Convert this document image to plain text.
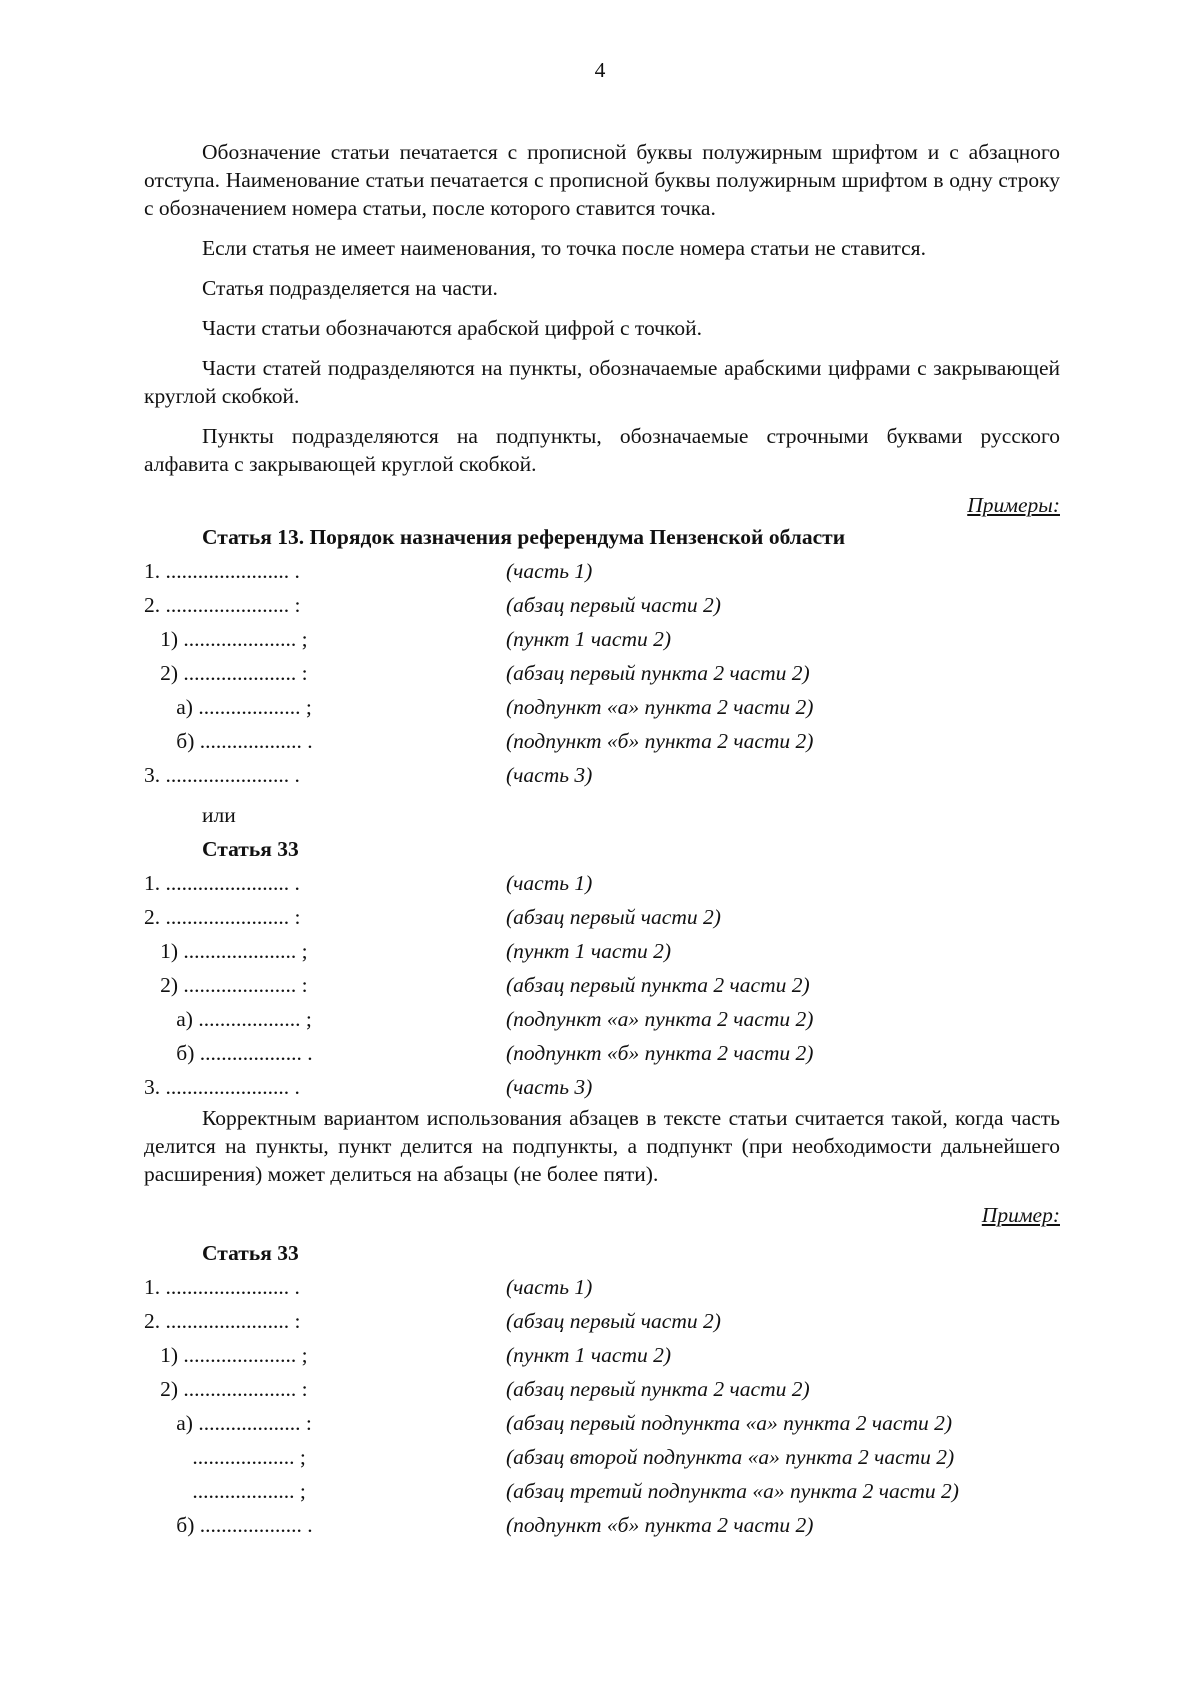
4

Обозначение статьи печатается с прописной буквы полужирным шрифтом и с абзацного отступа. Наименование статьи печатается с прописной буквы полужирным шрифтом в одну строку с обозначением номера статьи, после которого ставится точка.

Если статья не имеет наименования, то точка после номера статьи не ставится.

Статья подразделяется на части.

Части статьи обозначаются арабской цифрой с точкой.

Части статей подразделяются на пункты, обозначаемые арабскими цифрами с закрывающей круглой скобкой.

Пункты подразделяются на подпункты, обозначаемые строчными буквами русского алфавита с закрывающей круглой скобкой.

Примеры:
Статья 13. Порядок назначения референдума Пензенской области
1. ....................... .	(часть 1)
2. ....................... :	(абзац первый части 2)
1) ..................... ;	(пункт 1 части 2)
2) ..................... :	(абзац первый пункта 2 части 2)
а) ................... ;	(подпункт «а» пункта 2 части 2)
б) ................... .	(подпункт «б» пункта 2 части 2)
3. ....................... .	(часть 3)
или
Статья 33
1. ....................... .	(часть 1)
2. ....................... :	(абзац первый части 2)
1) ..................... ;	(пункт 1 части 2)
2) ..................... :	(абзац первый пункта 2 части 2)
а) ................... ;	(подпункт «а» пункта 2 части 2)
б) ................... .	(подпункт «б» пункта 2 части 2)
3. ....................... .	(часть 3)

Корректным вариантом использования абзацев в тексте статьи считается такой, когда часть делится на пункты, пункт делится на подпункты, а подпункт (при необходимости дальнейшего расширения) может делиться на абзацы (не более пяти).

Пример:
Статья 33
1. ....................... .	(часть 1)
2. ....................... :	(абзац первый части 2)
1) ..................... ;	(пункт 1 части 2)
2) ..................... :	(абзац первый пункта 2 части 2)
а) ................... :	(абзац первый подпункта «а» пункта 2 части 2)
................... ;	(абзац второй подпункта «а» пункта 2 части 2)
................... ;	(абзац третий подпункта «а» пункта 2 части 2)
б) ................... .	(подпункт «б» пункта 2 части 2)
